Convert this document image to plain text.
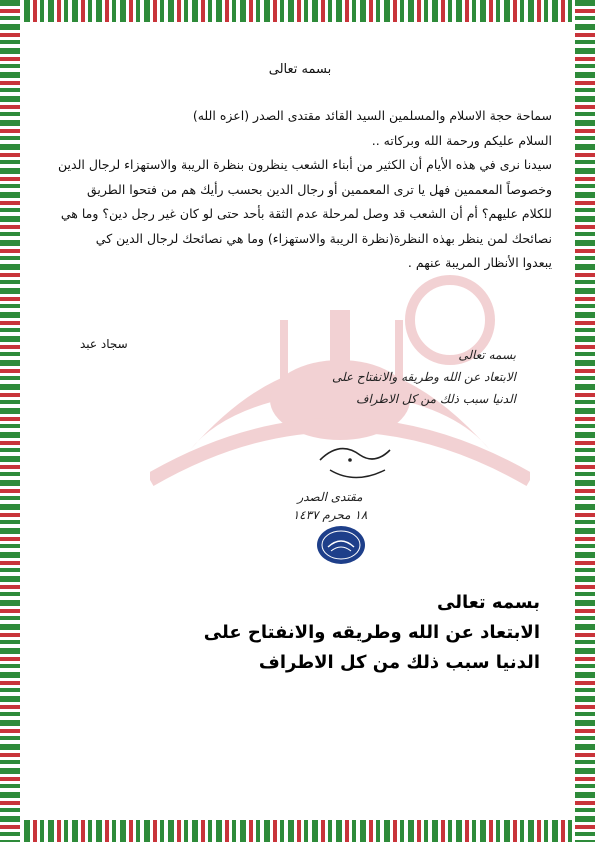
بسمه تعالى

سماحة حجة الاسلام والمسلمين السيد القائد مقتدى الصدر (اعزه الله)

السلام عليكم ورحمة الله وبركاته ..

سيدنا نرى في هذه الأيام أن الكثير من أبناء الشعب ينظرون بنظرة الريبة والاستهزاء لرجال الدين

وخصوصاً المعممين فهل يا ترى المعممين أو رجال الدين بحسب رأيك هم من فتحوا الطريق

للكلام عليهم؟ أم أن الشعب قد وصل لمرحلة عدم الثقة بأحد حتى لو كان غير رجل دين؟ وما هي

نصائحك لمن ينظر بهذه النظرة(نظرة الريبة والاستهزاء) وما هي نصائحك لرجال الدين كي

يبعدوا الأنظار المريبة عنهم .

سجاد عبد
بسمه تعالى
الابتعاد عن الله وطريقه والانفتاح على
الدنيا سبب ذلك من كل الاطراف
مقتدى الصدر
١٨ محرم ١٤٣٧
بسمه تعالى
الابتعاد عن الله وطريقه والانفتاح على
الدنيا سبب ذلك من كل الاطراف
